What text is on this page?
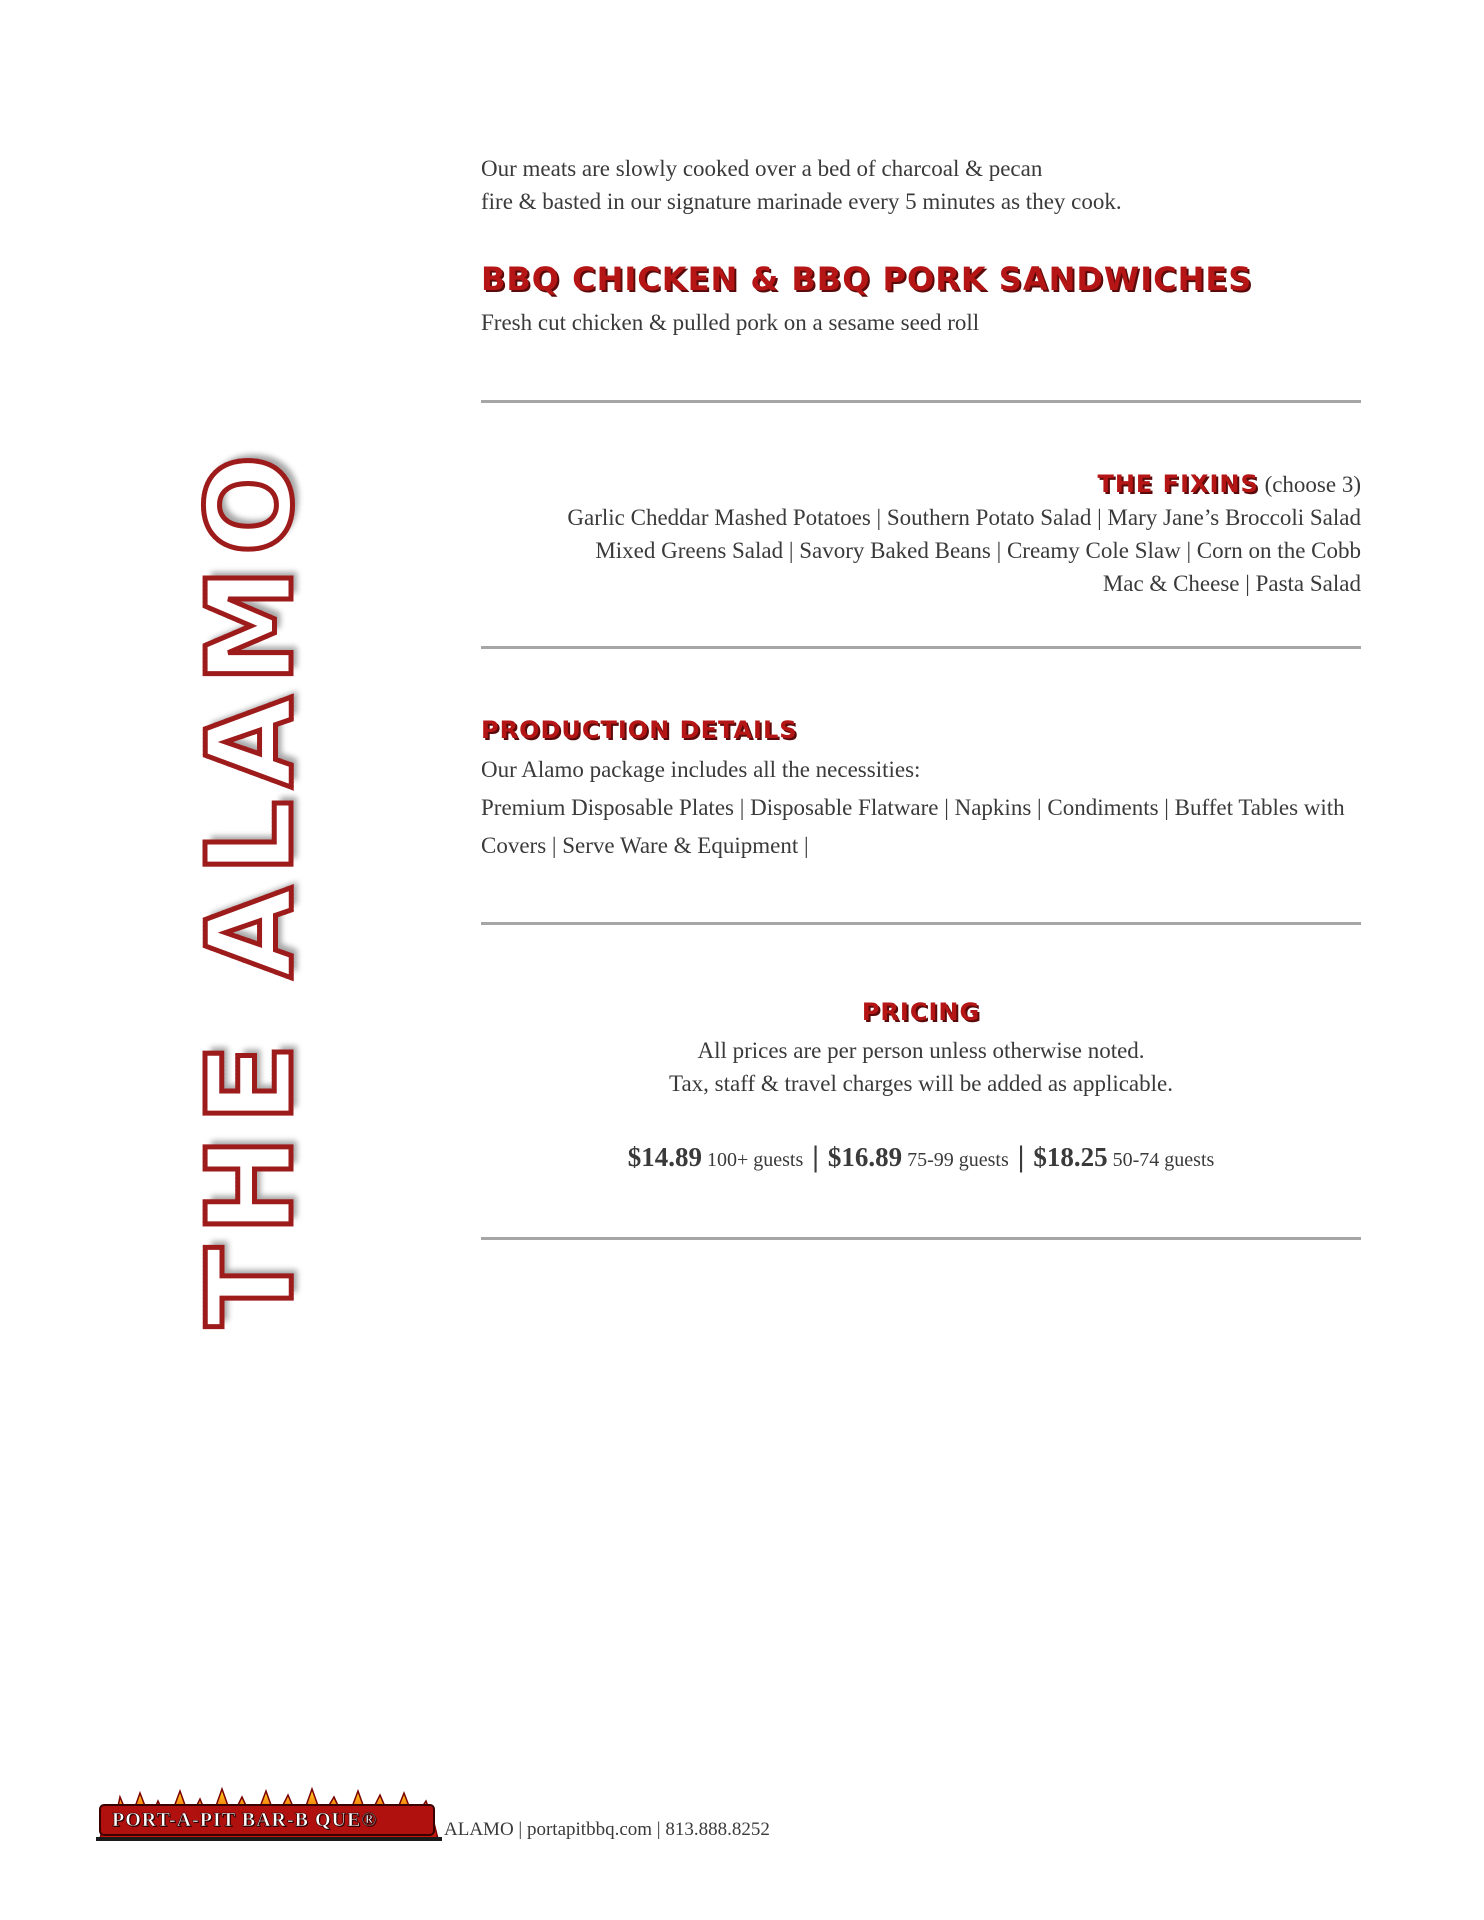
THE ALAMO

Our meats are slowly cooked over a bed of charcoal & pecan

fire & basted in our signature marinade every 5 minutes as they cook.

BBQ CHICKEN & BBQ PORK SANDWICHES
Fresh cut chicken & pulled pork on a sesame seed roll
THE FIXINS (choose 3)
Garlic Cheddar Mashed Potatoes | Southern Potato Salad | Mary Jane’s Broccoli Salad
Mixed Greens Salad | Savory Baked Beans | Creamy Cole Slaw | Corn on the Cobb
Mac & Cheese | Pasta Salad
PRODUCTION DETAILS
Our Alamo package includes all the necessities:
Premium Disposable Plates | Disposable Flatware | Napkins | Condiments | Buffet Tables with
Covers | Serve Ware & Equipment |
PRICING
All prices are per person unless otherwise noted.
Tax, staff & travel charges will be added as applicable.
$14.89 100+ guests | $16.89 75-99 guests | $18.25 50-74 guests
PORT-A-PIT BAR-B QUE®	ALAMO | portapitbbq.com | 813.888.8252
